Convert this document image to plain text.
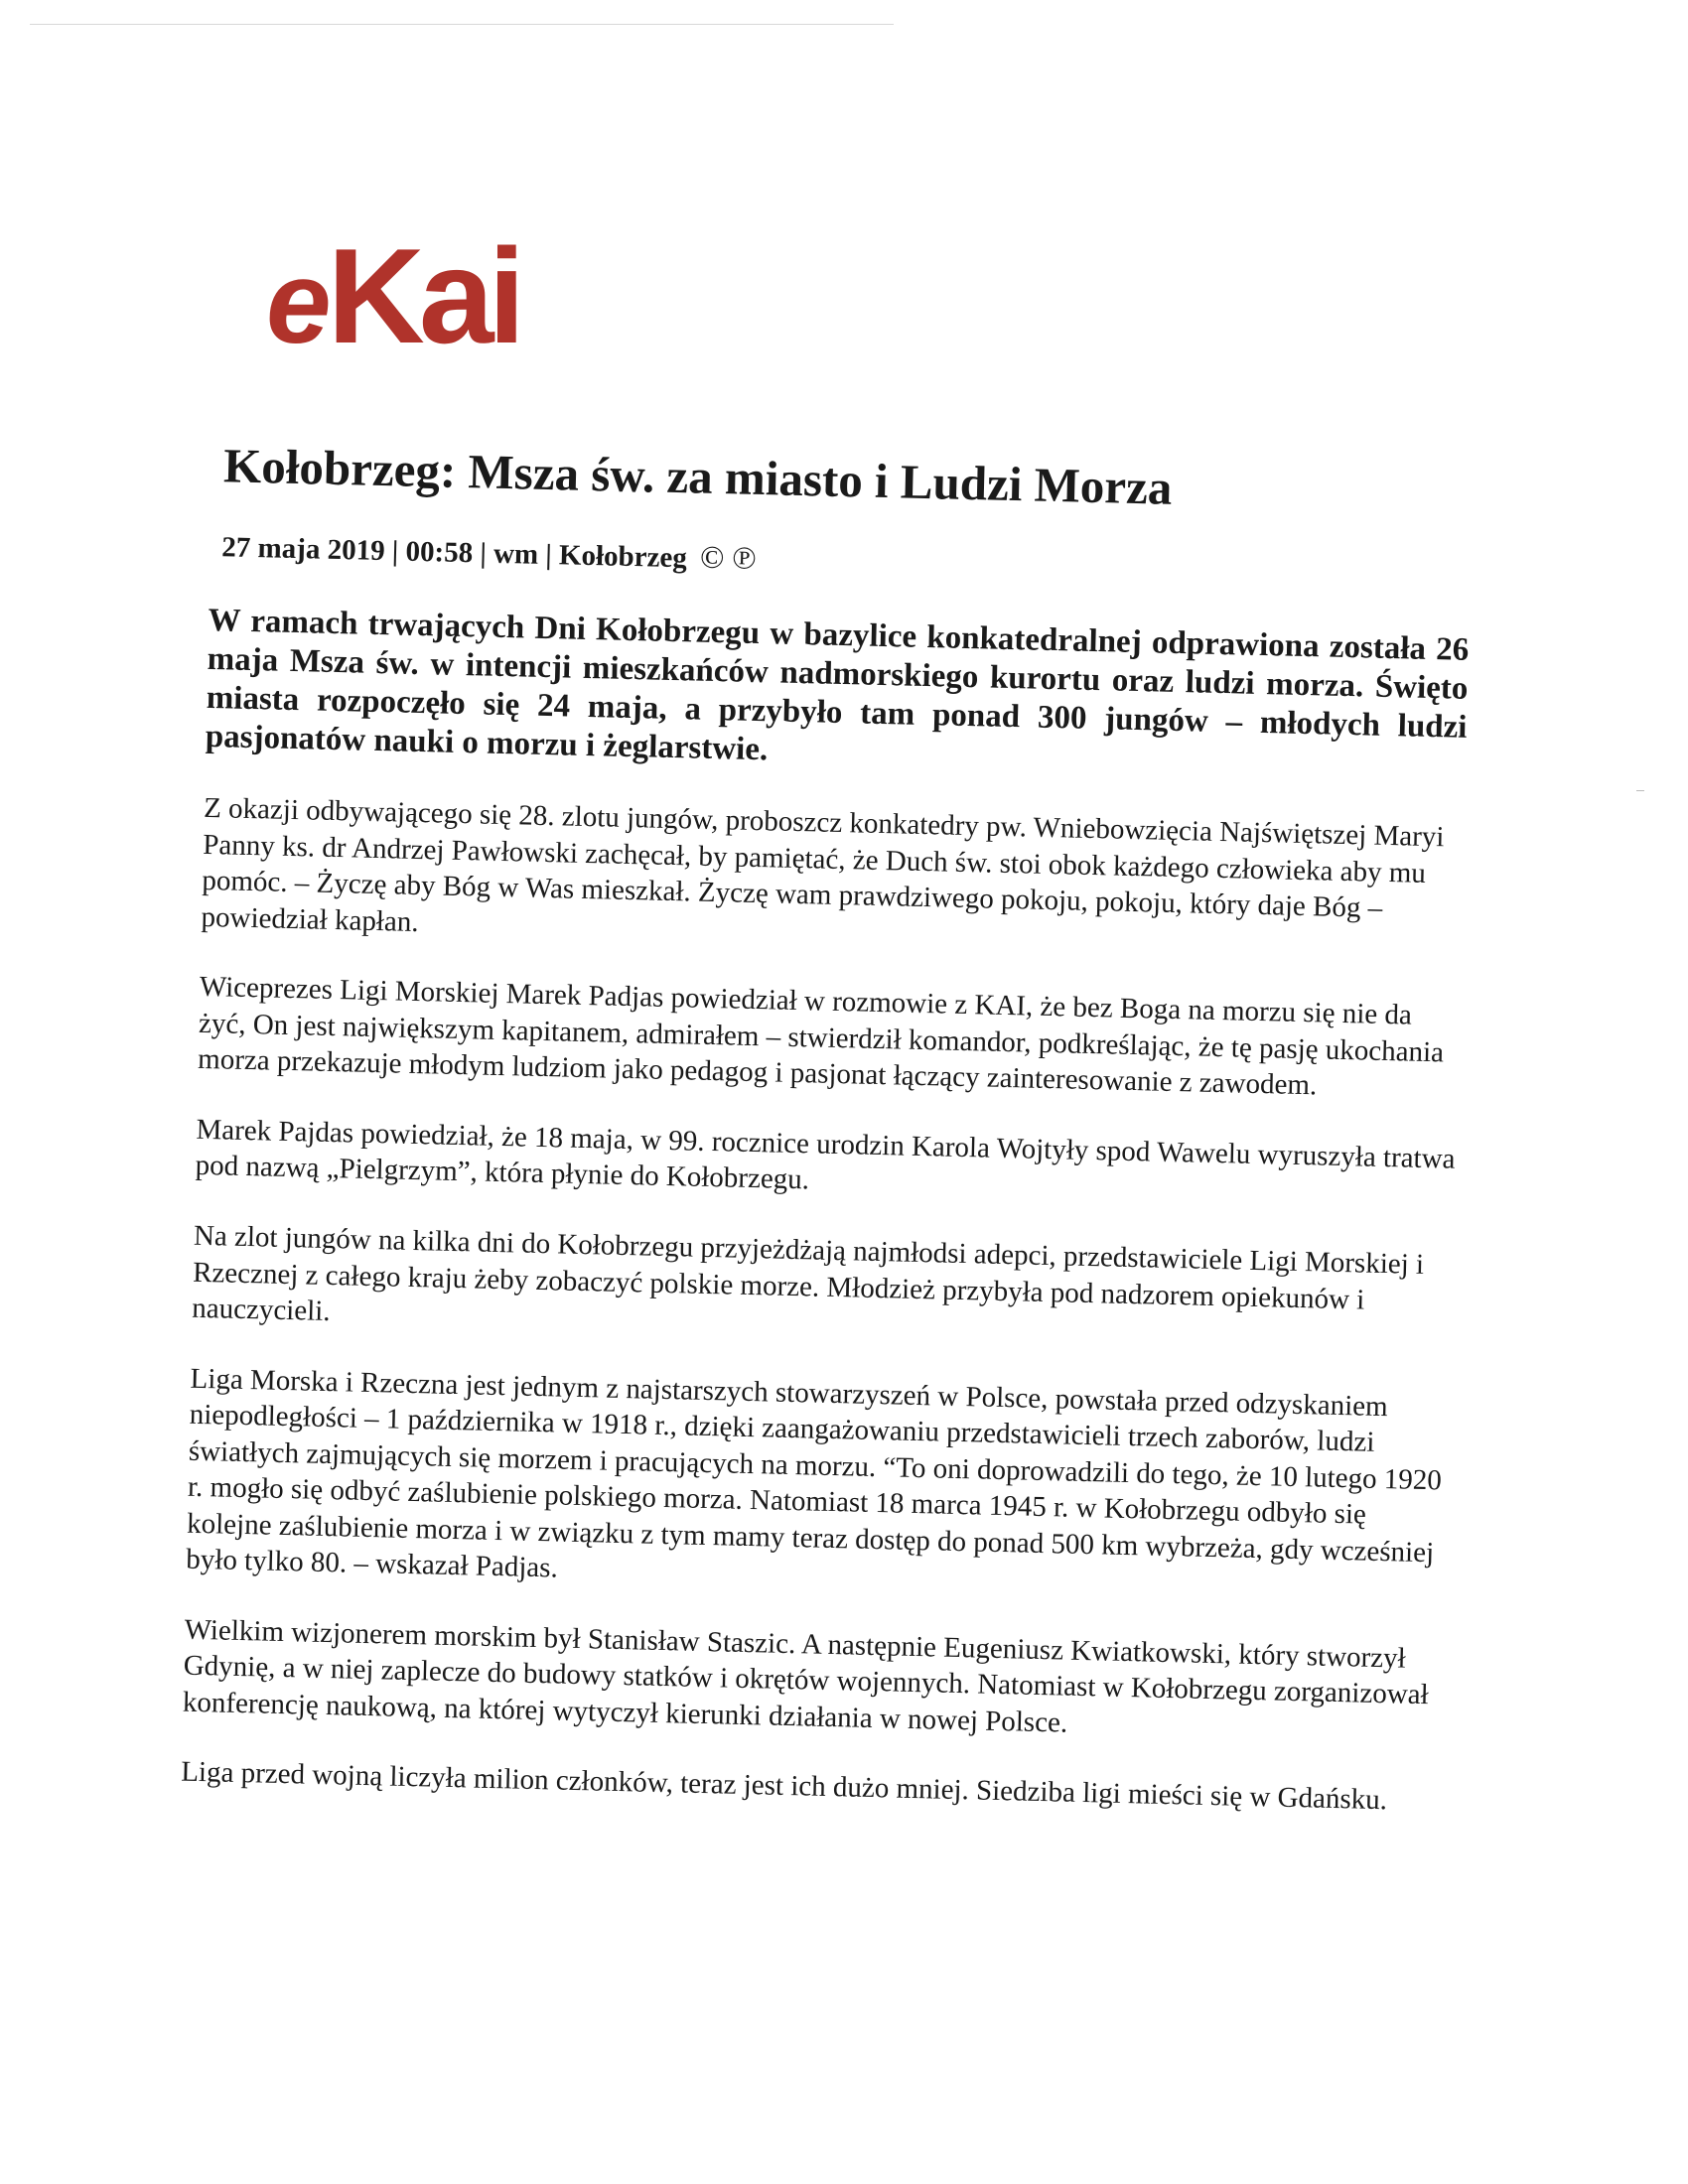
e Kai
Kołobrzeg: Msza św. za miasto i Ludzi Morza
27 maja 2019 | 00:58 | wm | Kołobrzeg © ℗

W ramach trwających Dni Kołobrzegu w bazylice konkatedralnej odprawiona została 26 maja Msza św. w intencji mieszkańców nadmorskiego kurortu oraz ludzi morza. Święto miasta rozpoczęło się 24 maja, a przybyło tam ponad 300 jungów – młodych ludzi pasjonatów nauki o morzu i żeglarstwie.

Z okazji odbywającego się 28. zlotu jungów, proboszcz konkatedry pw. Wniebowzięcia Najświętszej Maryi Panny ks. dr Andrzej Pawłowski zachęcał, by pamiętać, że Duch św. stoi obok każdego człowieka aby mu pomóc. – Życzę aby Bóg w Was mieszkał. Życzę wam prawdziwego pokoju, pokoju, który daje Bóg – powiedział kapłan.

Wiceprezes Ligi Morskiej Marek Padjas powiedział w rozmowie z KAI, że bez Boga na morzu się nie da żyć, On jest największym kapitanem, admirałem – stwierdził komandor, podkreślając, że tę pasję ukochania morza przekazuje młodym ludziom jako pedagog i pasjonat łączący zainteresowanie z zawodem.

Marek Pajdas powiedział, że 18 maja, w 99. rocznice urodzin Karola Wojtyły spod Wawelu wyruszyła tratwa pod nazwą „Pielgrzym”, która płynie do Kołobrzegu.

Na zlot jungów na kilka dni do Kołobrzegu przyjeżdżają najmłodsi adepci, przedstawiciele Ligi Morskiej i Rzecznej z całego kraju żeby zobaczyć polskie morze. Młodzież przybyła pod nadzorem opiekunów i nauczycieli.

Liga Morska i Rzeczna jest jednym z najstarszych stowarzyszeń w Polsce, powstała przed odzyskaniem niepodległości – 1 października w 1918 r., dzięki zaangażowaniu przedstawicieli trzech zaborów, ludzi światłych zajmujących się morzem i pracujących na morzu. “To oni doprowadzili do tego, że 10 lutego 1920 r. mogło się odbyć zaślubienie polskiego morza. Natomiast 18 marca 1945 r. w Kołobrzegu odbyło się kolejne zaślubienie morza i w związku z tym mamy teraz dostęp do ponad 500 km wybrzeża, gdy wcześniej było tylko 80. – wskazał Padjas.

Wielkim wizjonerem morskim był Stanisław Staszic. A następnie Eugeniusz Kwiatkowski, który stworzył Gdynię, a w niej zaplecze do budowy statków i okrętów wojennych. Natomiast w Kołobrzegu zorganizował konferencję naukową, na której wytyczył kierunki działania w nowej Polsce.

Liga przed wojną liczyła milion członków, teraz jest ich dużo mniej. Siedziba ligi mieści się w Gdańsku.
